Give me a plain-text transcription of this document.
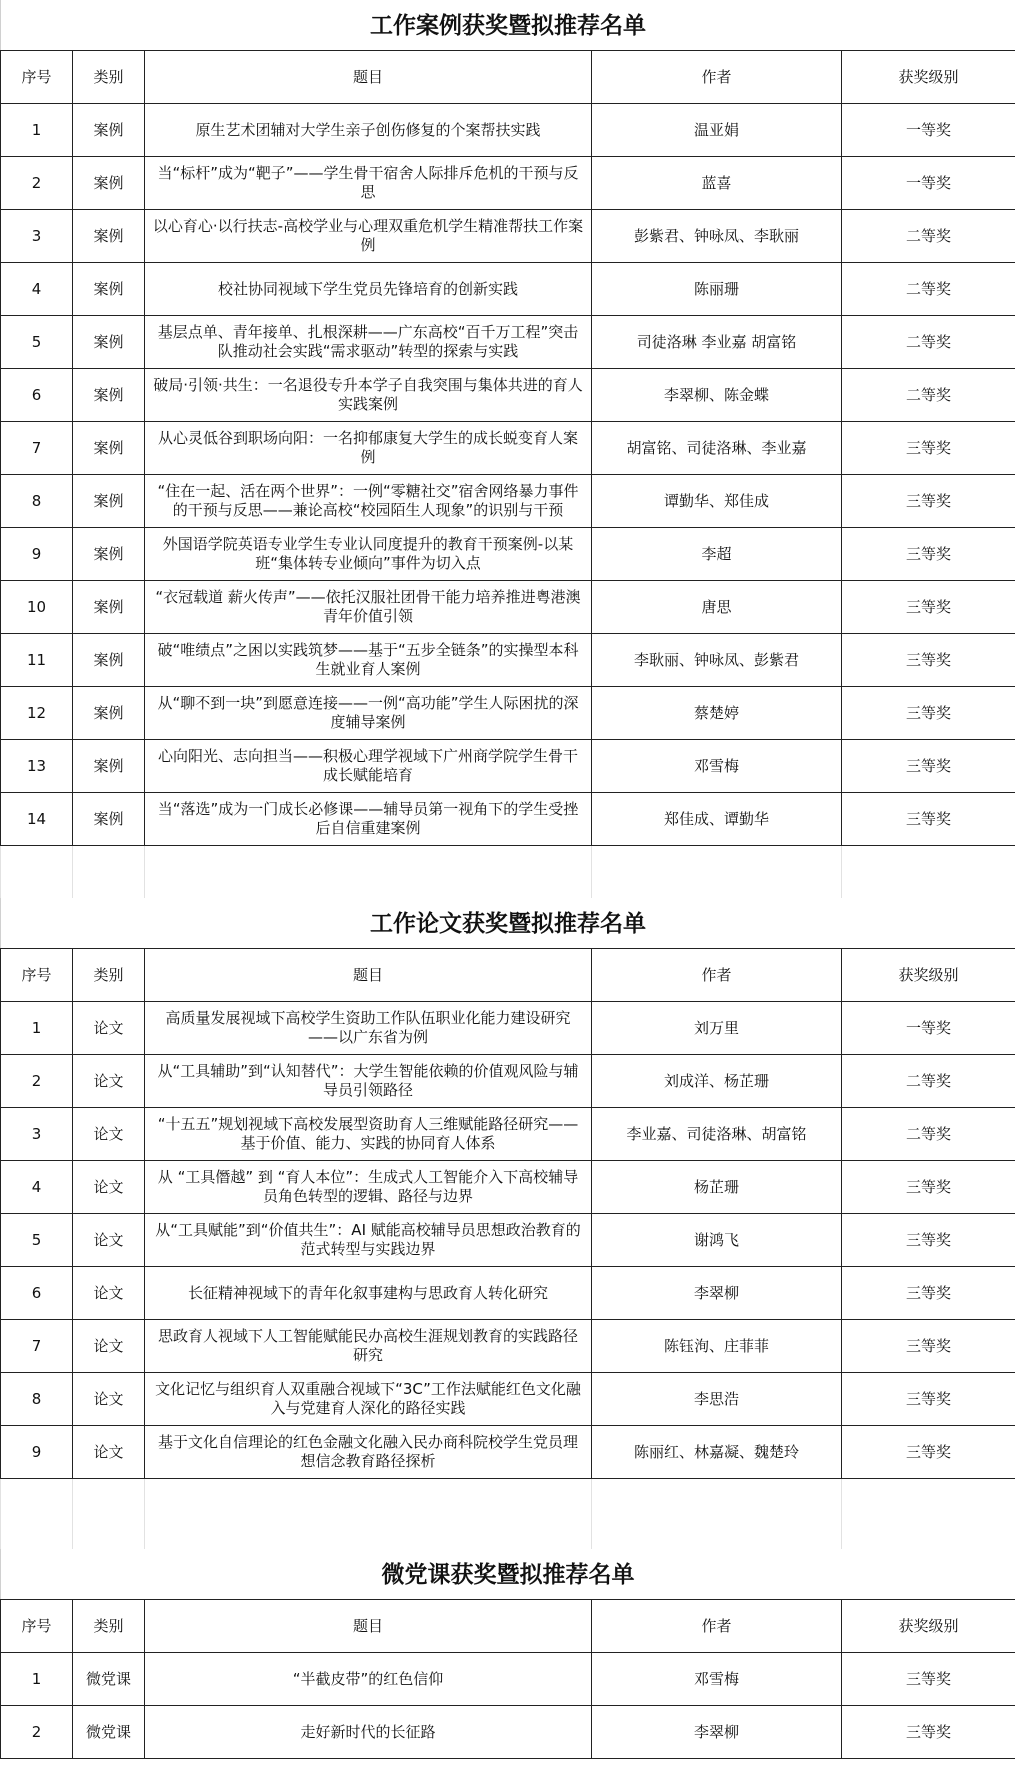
工作案例获奖暨拟推荐名单				
序号	类别	题目	作者	获奖级别
1	案例	原生艺术团辅对大学生亲子创伤修复的个案帮扶实践	温亚娟	一等奖
2	案例	当“标杆”成为“靶子”——学生骨干宿舍人际排斥危机的干预与反思	蓝喜	一等奖
3	案例	以心育心·以行扶志-高校学业与心理双重危机学生精准帮扶工作案例	彭紫君、钟咏凤、李耿丽	二等奖
4	案例	校社协同视域下学生党员先锋培育的创新实践	陈丽珊	二等奖
5	案例	基层点单、青年接单、扎根深耕——广东高校“百千万工程”突击队推动社会实践“需求驱动”转型的探索与实践	司徒洛琳 李业嘉 胡富铭	二等奖
6	案例	破局·引领·共生：一名退役专升本学子自我突围与集体共进的育人实践案例	李翠柳、陈金蝶	二等奖
7	案例	从心灵低谷到职场向阳：一名抑郁康复大学生的成长蜕变育人案例	胡富铭、司徒洛琳、李业嘉	三等奖
8	案例	“住在一起、活在两个世界”：一例“零糖社交”宿舍网络暴力事件的干预与反思——兼论高校“校园陌生人现象”的识别与干预	谭勤华、郑佳成	三等奖
9	案例	外国语学院英语专业学生专业认同度提升的教育干预案例-以某班“集体转专业倾向”事件为切入点	李超	三等奖
10	案例	“衣冠载道 薪火传声”——依托汉服社团骨干能力培养推进粤港澳青年价值引领	唐思	三等奖
11	案例	破“唯绩点”之困以实践筑梦——基于“五步全链条”的实操型本科生就业育人案例	李耿丽、钟咏凤、彭紫君	三等奖
12	案例	从“聊不到一块”到愿意连接——一例“高功能”学生人际困扰的深度辅导案例	蔡楚婷	三等奖
13	案例	心向阳光、志向担当——积极心理学视域下广州商学院学生骨干成长赋能培育	邓雪梅	三等奖
14	案例	当“落选”成为一门成长必修课——辅导员第一视角下的学生受挫后自信重建案例	郑佳成、谭勤华	三等奖

工作论文获奖暨拟推荐名单				
序号	类别	题目	作者	获奖级别
1	论文	高质量发展视域下高校学生资助工作队伍职业化能力建设研究——以广东省为例	刘万里	一等奖
2	论文	从“工具辅助”到“认知替代”：大学生智能依赖的价值观风险与辅导员引领路径	刘成洋、杨芷珊	二等奖
3	论文	“十五五”规划视域下高校发展型资助育人三维赋能路径研究——基于价值、能力、实践的协同育人体系	李业嘉、司徒洛琳、胡富铭	二等奖
4	论文	从 “工具僭越” 到 “育人本位”：生成式人工智能介入下高校辅导员角色转型的逻辑、路径与边界	杨芷珊	三等奖
5	论文	从“工具赋能”到“价值共生”：AI 赋能高校辅导员思想政治教育的范式转型与实践边界	谢鸿飞	三等奖
6	论文	长征精神视域下的青年化叙事建构与思政育人转化研究	李翠柳	三等奖
7	论文	思政育人视域下人工智能赋能民办高校生涯规划教育的实践路径研究	陈钰洵、庄菲菲	三等奖
8	论文	文化记忆与组织育人双重融合视域下“3C”工作法赋能红色文化融入与党建育人深化的路径实践	李思浩	三等奖
9	论文	基于文化自信理论的红色金融文化融入民办商科院校学生党员理想信念教育路径探析	陈丽红、林嘉凝、魏楚玲	三等奖

微党课获奖暨拟推荐名单				
序号	类别	题目	作者	获奖级别
1	微党课	“半截皮带”的红色信仰	邓雪梅	三等奖
2	微党课	走好新时代的长征路	李翠柳	三等奖
